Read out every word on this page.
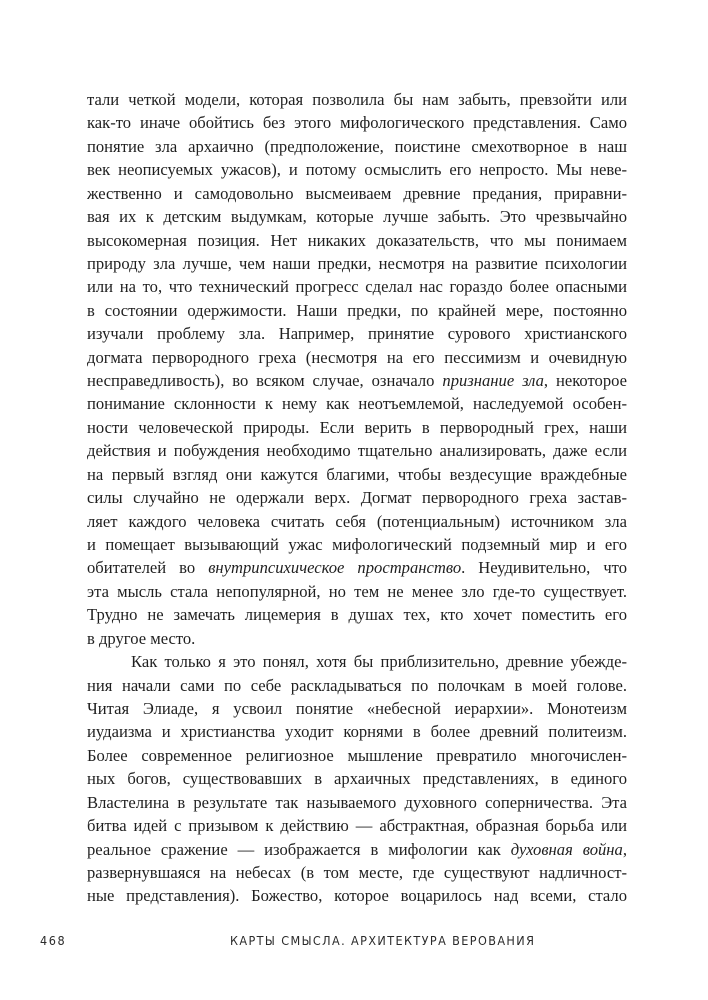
тали четкой модели, которая позволила бы нам забыть, превзойти или
как-то иначе обойтись без этого мифологического представления. Само
понятие зла архаично (предположение, поистине смехотворное в наш
век неописуемых ужасов), и потому осмыслить его непросто. Мы неве-
жественно и самодовольно высмеиваем древние предания, приравни-
вая их к детским выдумкам, которые лучше забыть. Это чрезвычайно
высокомерная позиция. Нет никаких доказательств, что мы понимаем
природу зла лучше, чем наши предки, несмотря на развитие психологии
или на то, что технический прогресс сделал нас гораздо более опасными
в состоянии одержимости. Наши предки, по крайней мере, постоянно
изучали проблему зла. Например, принятие сурового христианского
догмата первородного греха (несмотря на его пессимизм и очевидную
несправедливость), во всяком случае, означало признание зла, некоторое
понимание склонности к нему как неотъемлемой, наследуемой особен-
ности человеческой природы. Если верить в первородный грех, наши
действия и побуждения необходимо тщательно анализировать, даже если
на первый взгляд они кажутся благими, чтобы вездесущие враждебные
силы случайно не одержали верх. Догмат первородного греха застав-
ляет каждого человека считать себя (потенциальным) источником зла
и помещает вызывающий ужас мифологический подземный мир и его
обитателей во внутрипсихическое пространство. Неудивительно, что
эта мысль стала непопулярной, но тем не менее зло где-то существует.
Трудно не замечать лицемерия в душах тех, кто хочет поместить его
в другое место.
Как только я это понял, хотя бы приблизительно, древние убежде-
ния начали сами по себе раскладываться по полочкам в моей голове.
Читая Элиаде, я усвоил понятие «небесной иерархии». Монотеизм
иудаизма и христианства уходит корнями в более древний политеизм.
Более современное религиозное мышление превратило многочислен-
ных богов, существовавших в архаичных представлениях, в единого
Властелина в результате так называемого духовного соперничества. Эта
битва идей с призывом к действию — абстрактная, образная борьба или
реальное сражение — изображается в мифологии как духовная война,
развернувшаяся на небесах (в том месте, где существуют надличност-
ные представления). Божество, которое воцарилось над всеми, стало
468	КАРТЫ СМЫСЛА. АРХИТЕКТУРА ВЕРОВАНИЯ
